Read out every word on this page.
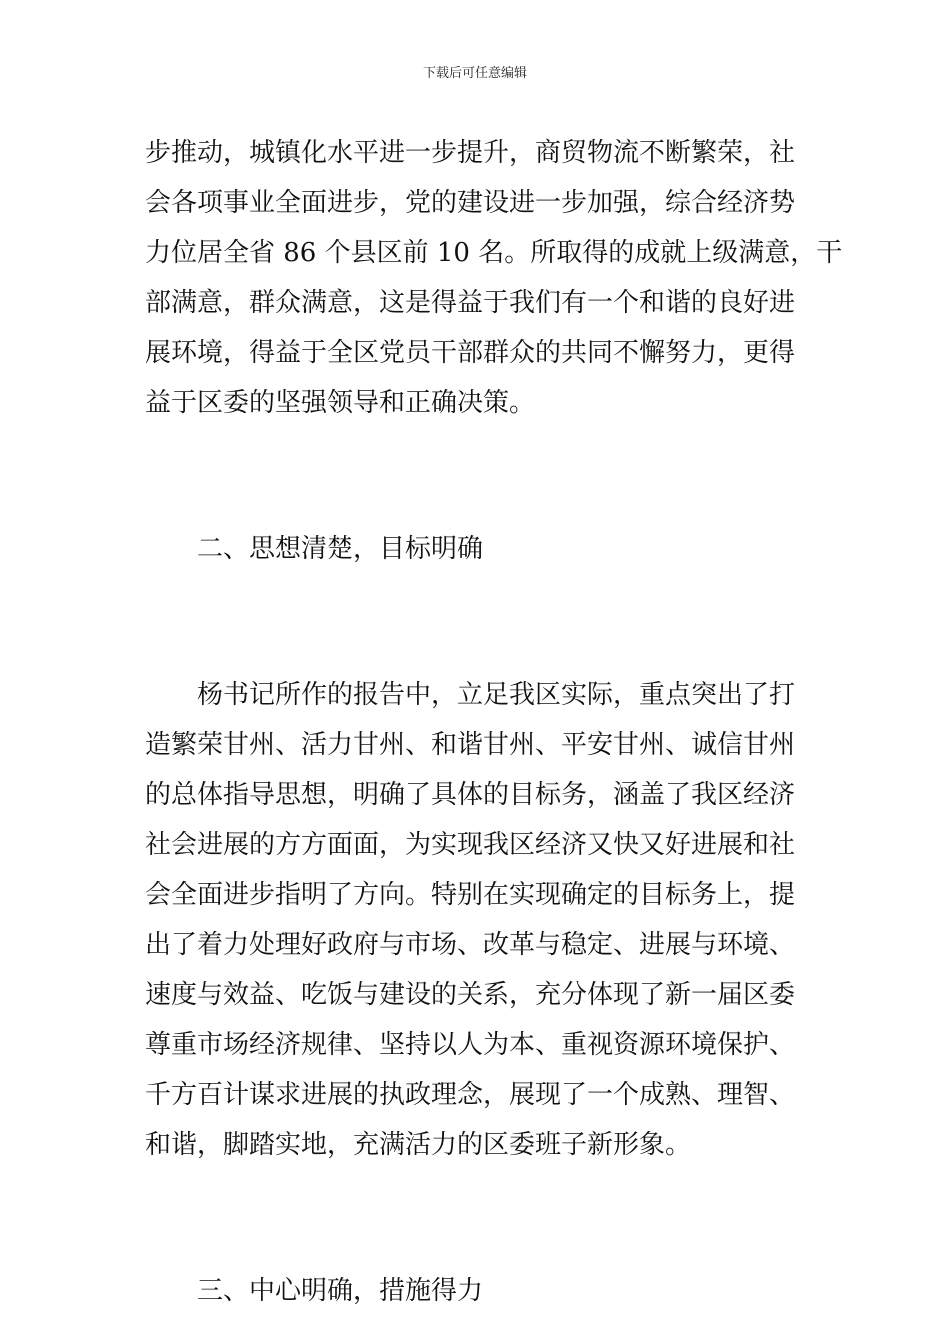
下载后可任意编辑
步推动，城镇化水平进一步提升，商贸物流不断繁荣，社
会各项事业全面进步，党的建设进一步加强，综合经济势
力位居全省 86 个县区前 10 名。所取得的成就上级满意，干
部满意，群众满意，这是得益于我们有一个和谐的良好进
展环境，得益于全区党员干部群众的共同不懈努力，更得
益于区委的坚强领导和正确决策。
二、思想清楚，目标明确
杨书记所作的报告中，立足我区实际，重点突出了打
造繁荣甘州、活力甘州、和谐甘州、平安甘州、诚信甘州
的总体指导思想，明确了具体的目标务，涵盖了我区经济
社会进展的方方面面，为实现我区经济又快又好进展和社
会全面进步指明了方向。特别在实现确定的目标务上，提
出了着力处理好政府与市场、改革与稳定、进展与环境、
速度与效益、吃饭与建设的关系，充分体现了新一届区委
尊重市场经济规律、坚持以人为本、重视资源环境保护、
千方百计谋求进展的执政理念，展现了一个成熟、理智、
和谐，脚踏实地，充满活力的区委班子新形象。
三、中心明确，措施得力
